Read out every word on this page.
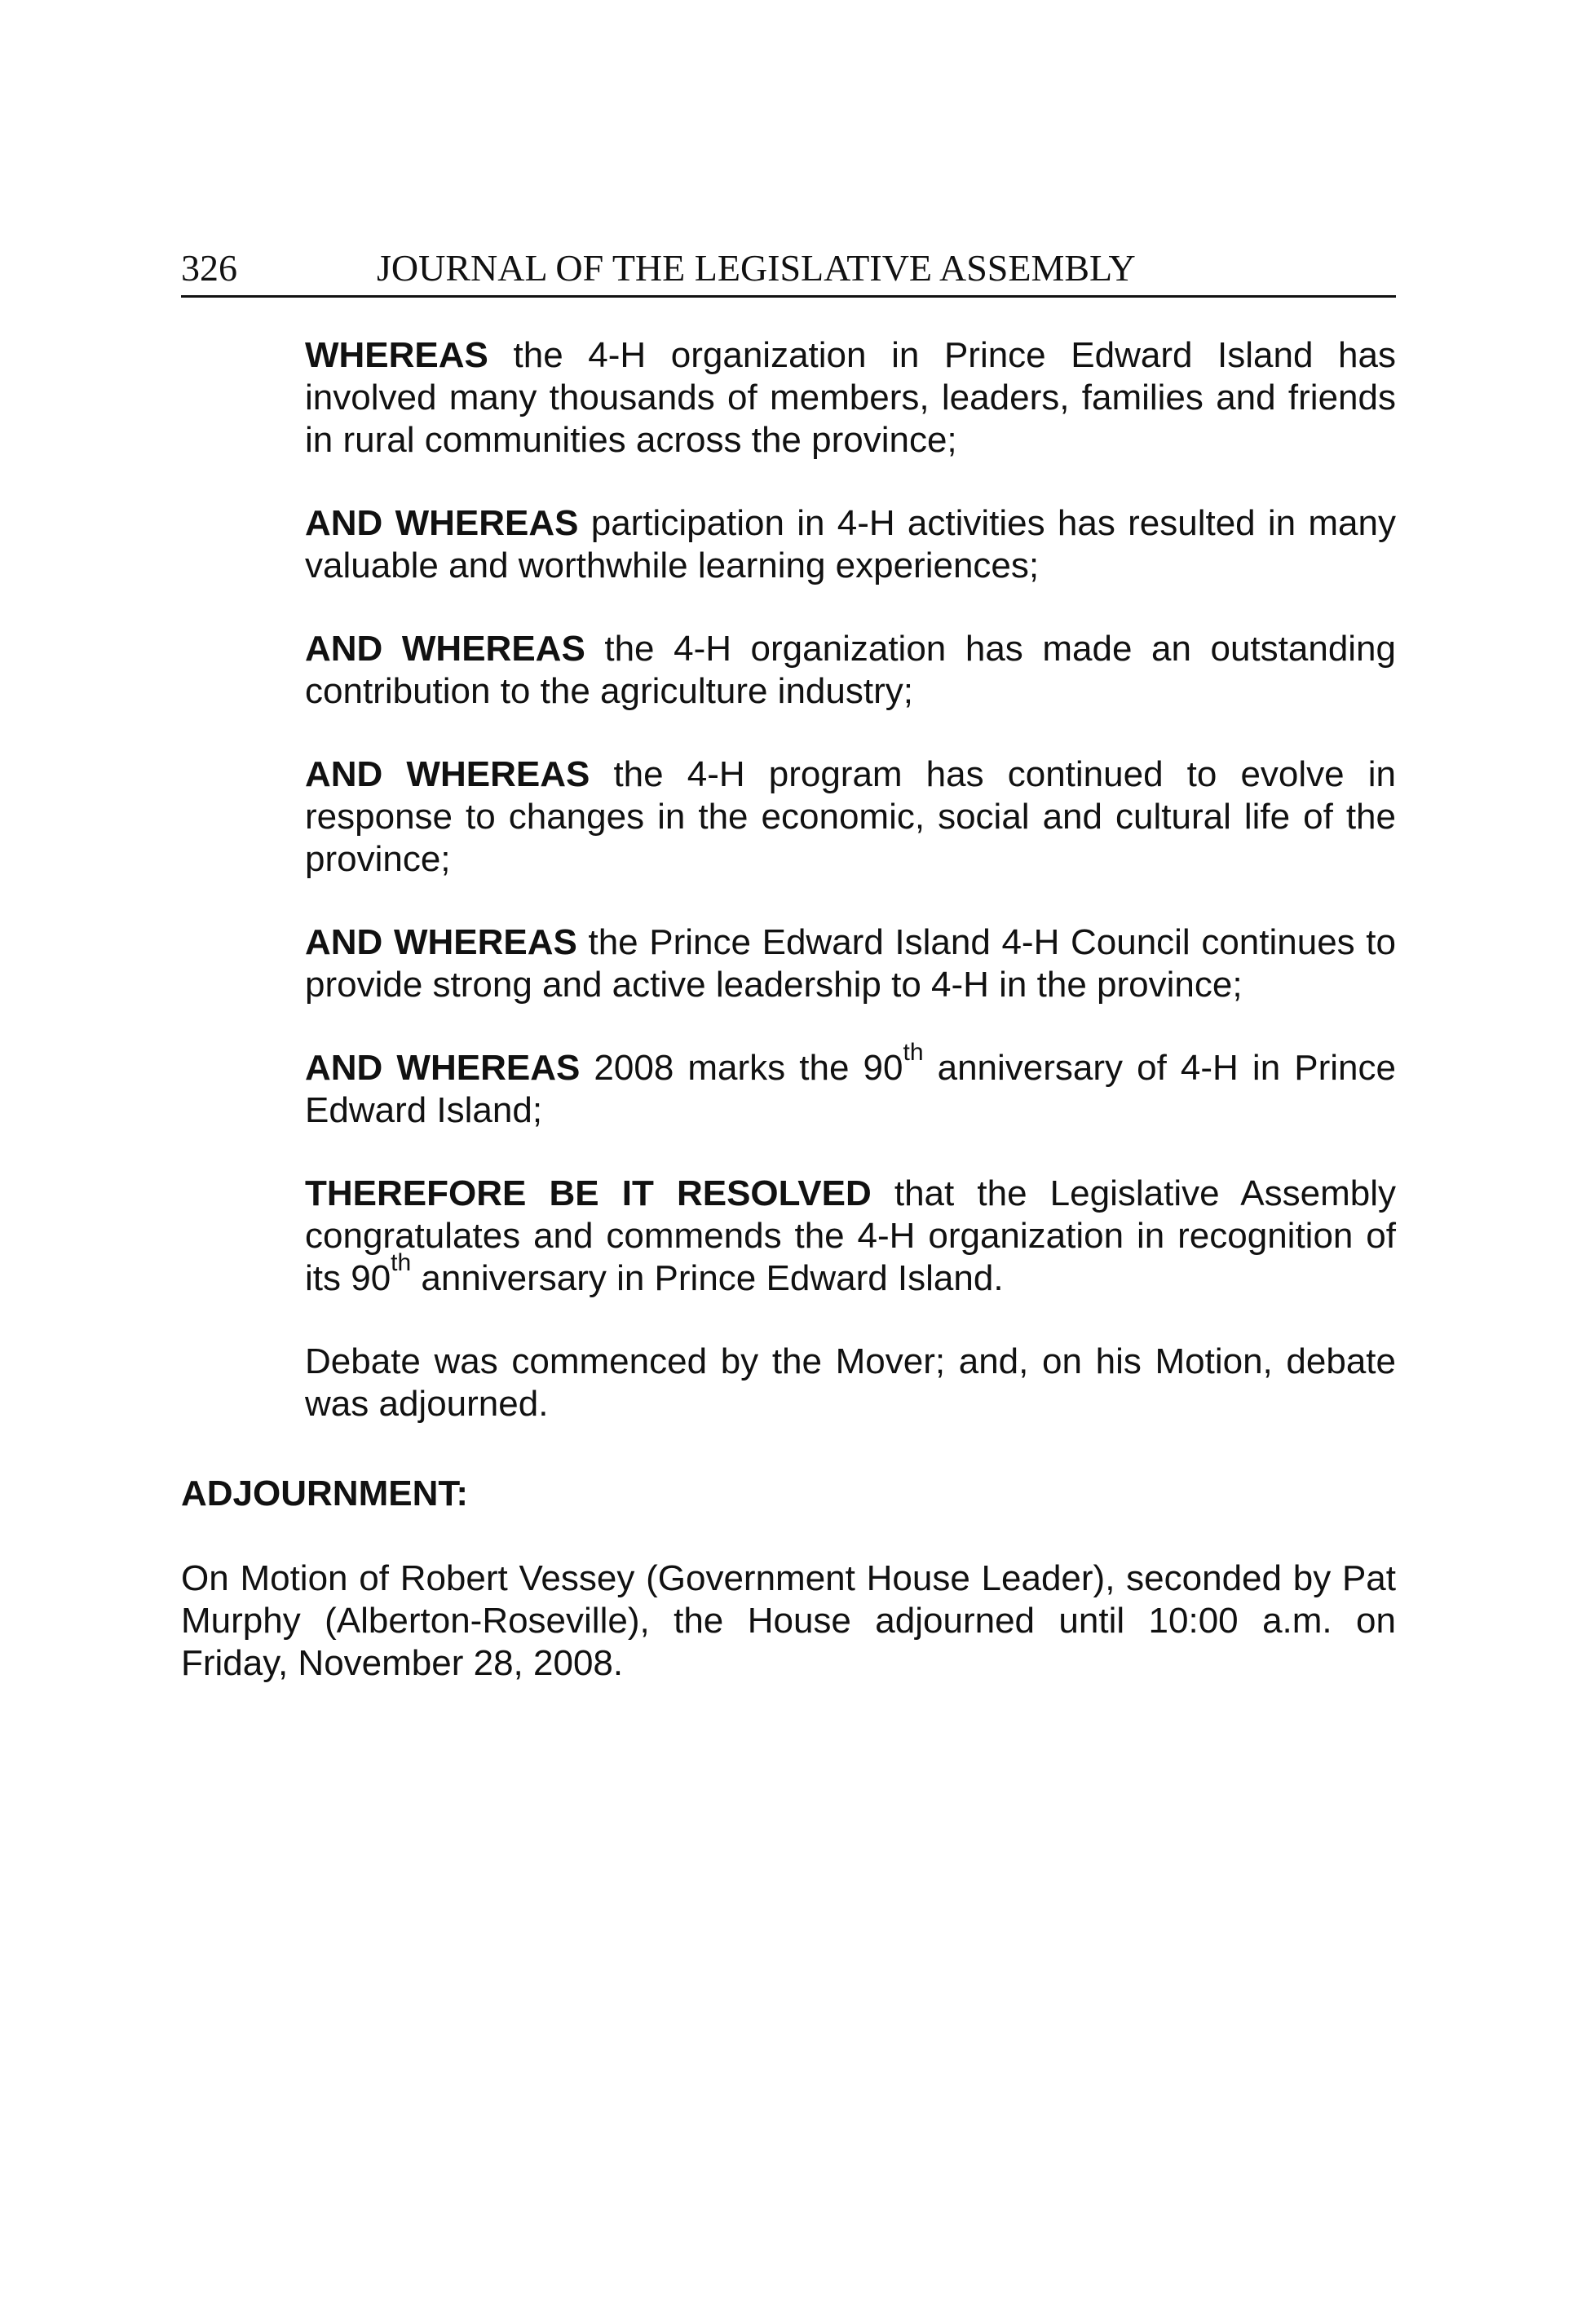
326	JOURNAL OF THE LEGISLATIVE ASSEMBLY

WHEREAS the 4-H organization in Prince Edward Island has involved many thousands of members, leaders, families and friends in rural communities across the province;

AND WHEREAS participation in 4-H activities has resulted in many valuable and worthwhile learning experiences;

AND WHEREAS the 4-H organization has made an outstanding contribution to the agriculture industry;

AND WHEREAS the 4-H program has continued to evolve in response to changes in the economic, social and cultural life of the province;

AND WHEREAS the Prince Edward Island 4-H Council continues to provide strong and active leadership to 4-H in the province;

AND WHEREAS 2008 marks the 90th anniversary of 4-H in Prince Edward Island;

THEREFORE BE IT RESOLVED that the Legislative Assembly congratulates and commends the 4-H organization in recognition of its 90th anniversary in Prince Edward Island.

Debate was commenced by the Mover; and, on his Motion, debate was adjourned.

ADJOURNMENT:

On Motion of Robert Vessey (Government House Leader), seconded by Pat Murphy (Alberton-Roseville), the House adjourned until 10:00 a.m. on Friday, November 28, 2008.
